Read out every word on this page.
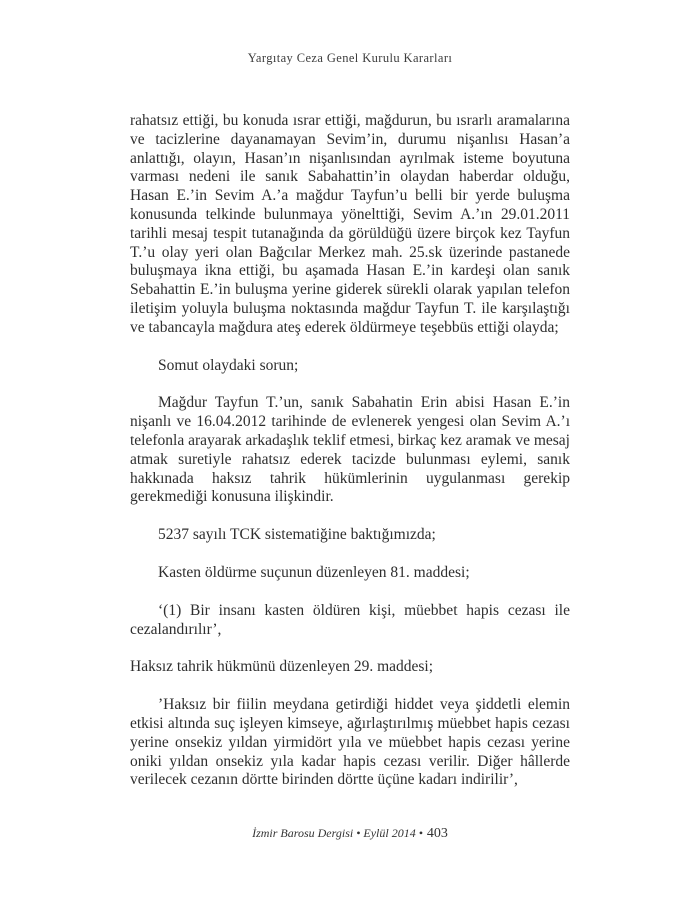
Yargıtay Ceza Genel Kurulu Kararları

rahatsız ettiği, bu konuda ısrar ettiği, mağdurun, bu ısrarlı aramalarına ve tacizlerine dayanamayan Sevim’in, durumu nişanlısı Hasan’a anlattığı, olayın, Hasan’ın nişanlısından ayrılmak isteme boyutuna varması nedeni ile sanık Sabahattin’in olaydan haberdar olduğu, Hasan E.’in Sevim A.’a mağdur Tayfun’u belli bir yerde buluşma konusunda telkinde bulunmaya yönelttiği, Sevim A.’ın 29.01.2011 tarihli mesaj tespit tutanağında da görüldüğü üzere birçok kez Tayfun T.’u olay yeri olan Bağcılar Merkez mah. 25.sk üzerinde pastanede buluşmaya ikna ettiği, bu aşamada Hasan E.’in kardeşi olan sanık Sebahattin E.’in buluşma yerine giderek sürekli olarak yapılan telefon iletişim yoluyla buluşma noktasında mağdur Tayfun T. ile karşılaştığı ve tabancayla mağdura ateş ederek öldürmeye teşebbüs ettiği olayda;

Somut olaydaki sorun;

Mağdur Tayfun T.’un, sanık Sabahatin Erin abisi Hasan E.’in nişanlı ve 16.04.2012 tarihinde de evlenerek yengesi olan Sevim A.’ı telefonla arayarak arkadaşlık teklif etmesi, birkaç kez aramak ve mesaj atmak suretiyle rahatsız ederek tacizde bulunması eylemi, sanık hakkınada haksız tahrik hükümlerinin uygulanması gerekip gerekmediği konusuna ilişkindir.

5237 sayılı TCK sistematiğine baktığımızda;

Kasten öldürme suçunun düzenleyen 81. maddesi;

‘(1) Bir insanı kasten öldüren kişi, müebbet hapis cezası ile cezalandırılır’,

Haksız tahrik hükmünü düzenleyen 29. maddesi;

’Haksız bir fiilin meydana getirdiği hiddet veya şiddetli elemin etkisi altında suç işleyen kimseye, ağırlaştırılmış müebbet hapis cezası yerine onsekiz yıldan yirmidört yıla ve müebbet hapis cezası yerine oniki yıldan onsekiz yıla kadar hapis cezası verilir. Diğer hâllerde verilecek cezanın dörtte birinden dörtte üçüne kadarı indirilir’,

İzmir Barosu Dergisi • Eylül 2014 • 403
